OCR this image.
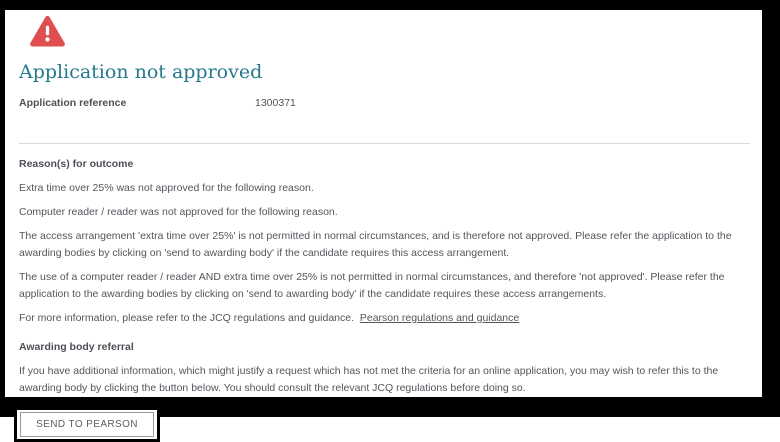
Application not approved
Application reference	1300371
Reason(s) for outcome

Extra time over 25% was not approved for the following reason.

Computer reader / reader was not approved for the following reason.

The access arrangement 'extra time over 25%' is not permitted in normal circumstances, and is therefore not approved. Please refer the application to the awarding bodies by clicking on 'send to awarding body' if the candidate requires this access arrangement.

The use of a computer reader / reader AND extra time over 25% is not permitted in normal circumstances, and therefore 'not approved'. Please refer the application to the awarding bodies by clicking on 'send to awarding body' if the candidate requires these access arrangements.

For more information, please refer to the JCQ regulations and guidance.  Pearson regulations and guidance

Awarding body referral

If you have additional information, which might justify a request which has not met the criteria for an online application, you may wish to refer this to the awarding body by clicking the button below. You should consult the relevant JCQ regulations before doing so.

SEND TO PEARSON
